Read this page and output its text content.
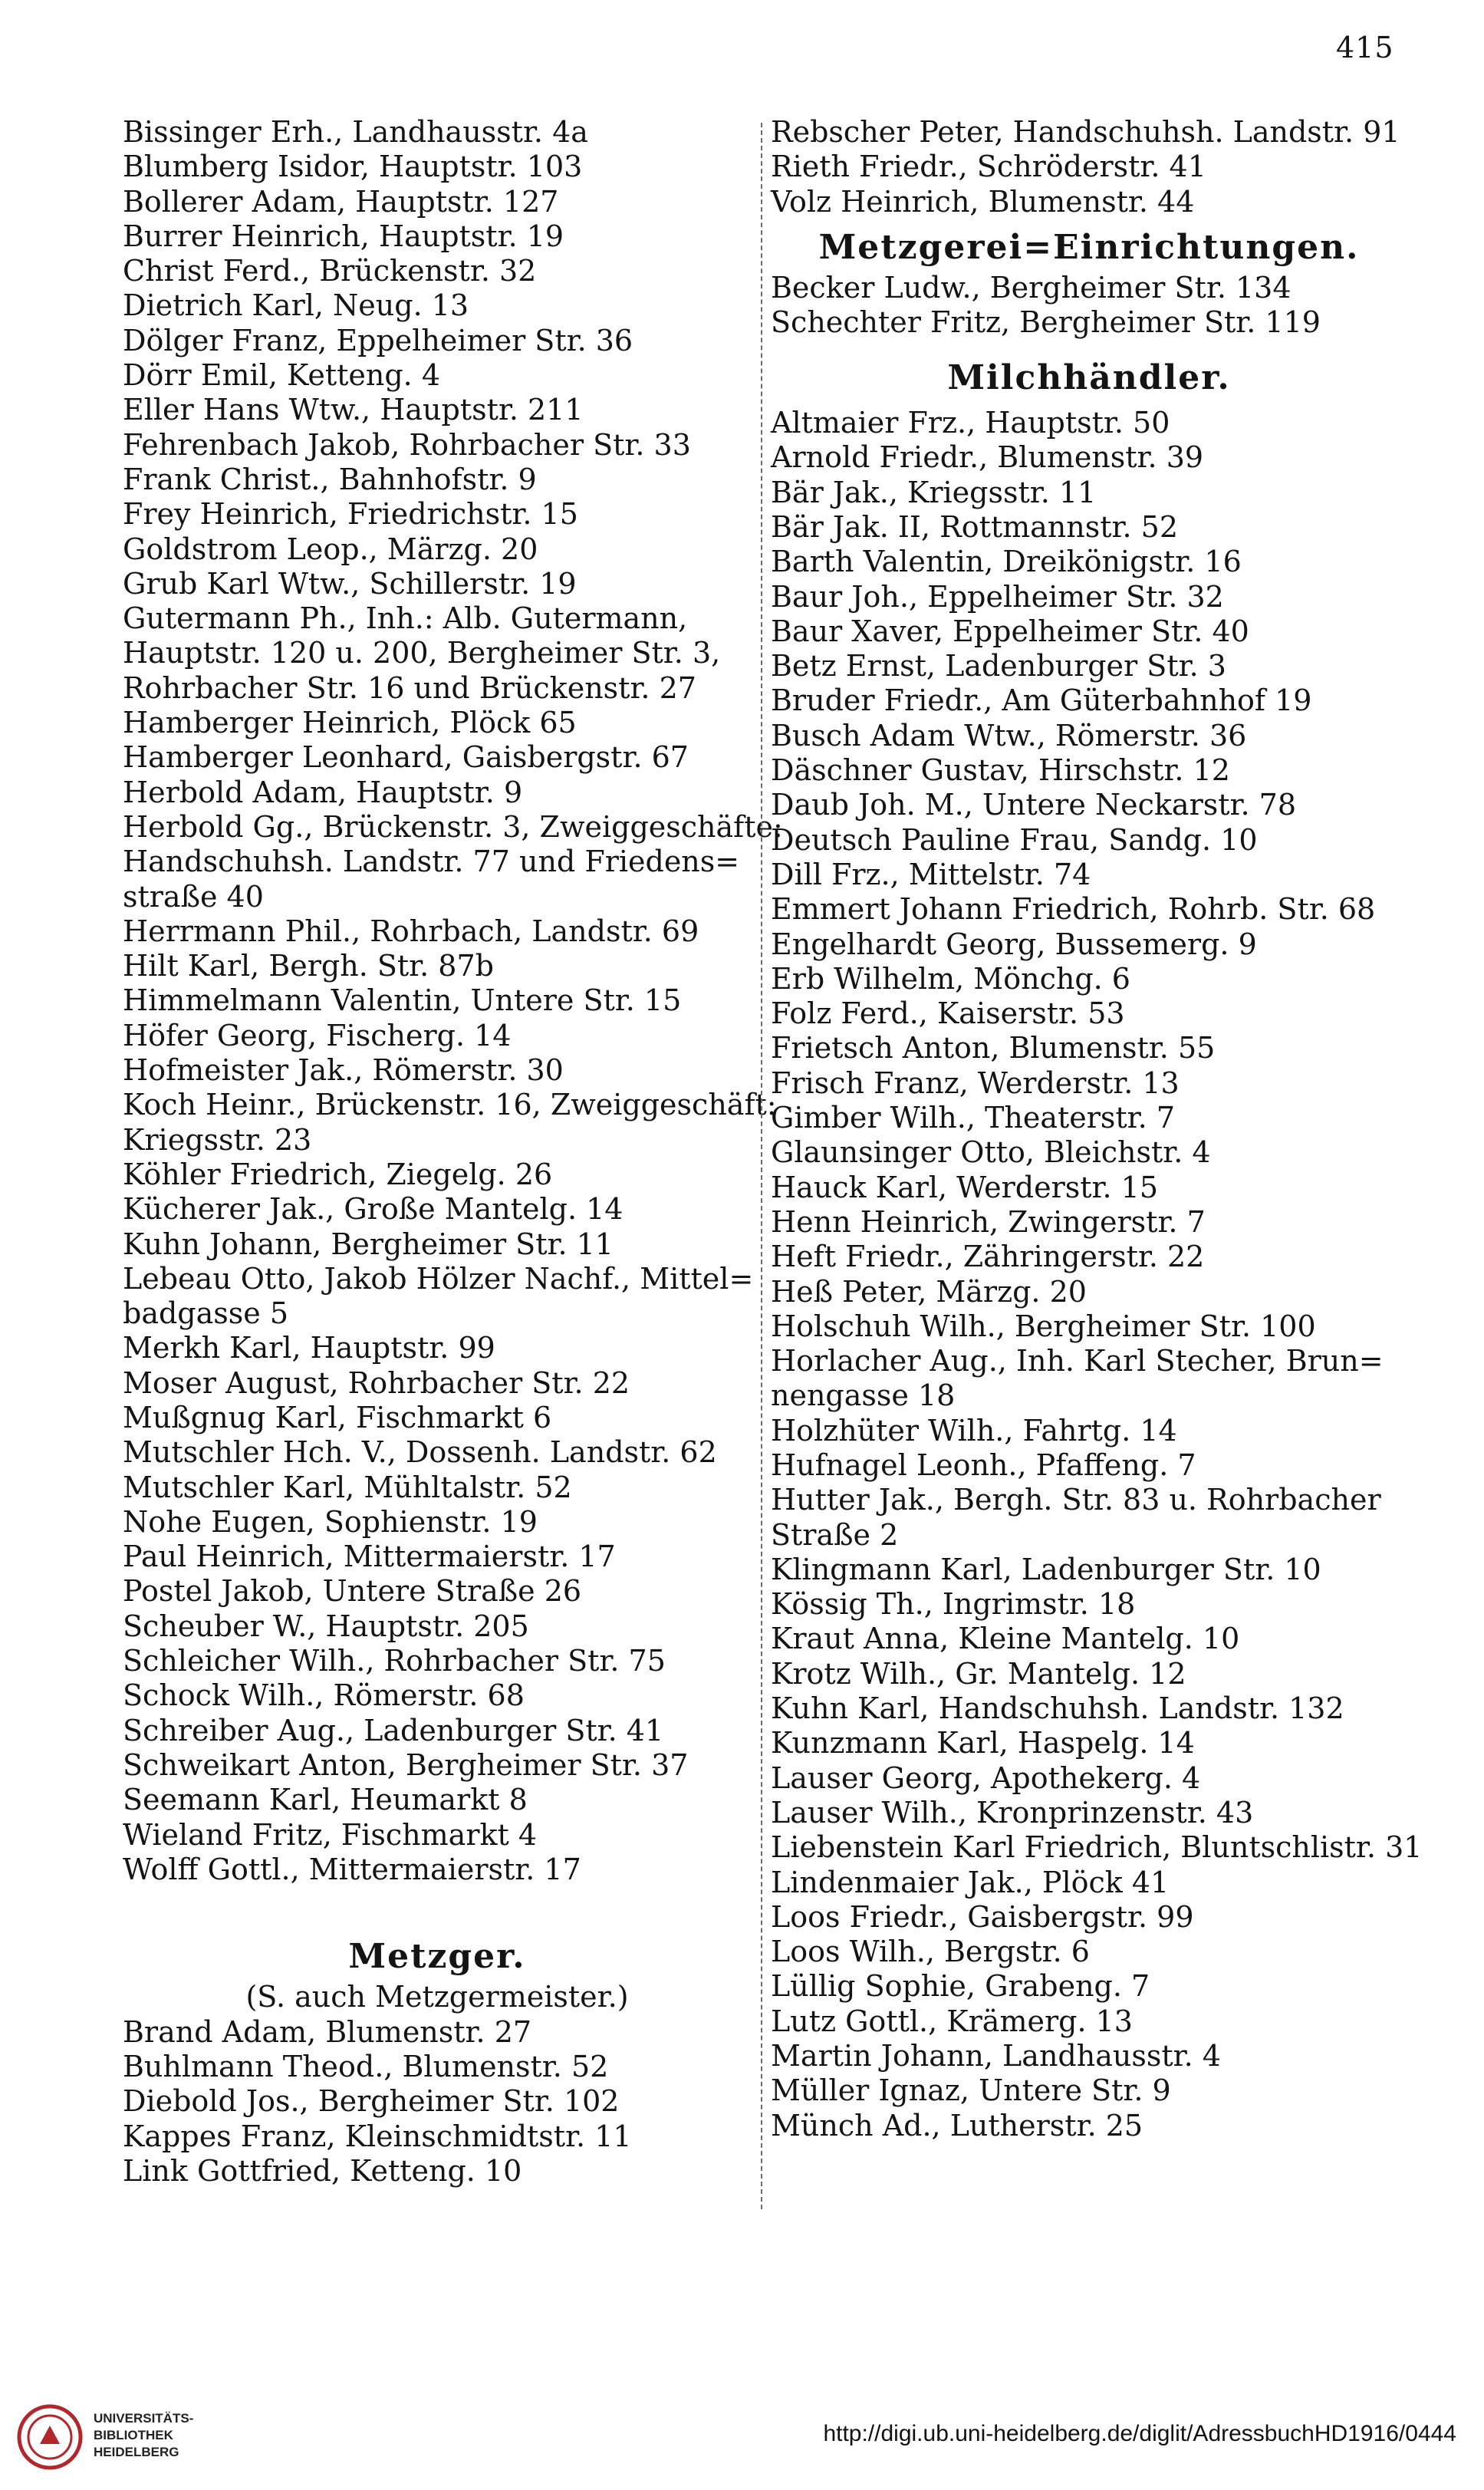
415

Bissinger Erh., Landhausstr. 4a

Blumberg Isidor, Hauptstr. 103

Bollerer Adam, Hauptstr. 127

Burrer Heinrich, Hauptstr. 19

Christ Ferd., Brückenstr. 32

Dietrich Karl, Neug. 13

Dölger Franz, Eppelheimer Str. 36

Dörr Emil, Ketteng. 4

Eller Hans Wtw., Hauptstr. 211

Fehrenbach Jakob, Rohrbacher Str. 33

Frank Christ., Bahnhofstr. 9

Frey Heinrich, Friedrichstr. 15

Goldstrom Leop., Märzg. 20

Grub Karl Wtw., Schillerstr. 19

Gutermann Ph., Inh.: Alb. Gutermann,
Hauptstr. 120 u. 200, Bergheimer Str. 3,
Rohrbacher Str. 16 und Brückenstr. 27

Hamberger Heinrich, Plöck 65

Hamberger Leonhard, Gaisbergstr. 67

Herbold Adam, Hauptstr. 9

Herbold Gg., Brückenstr. 3, Zweiggeschäfte:
Handschuhsh. Landstr. 77 und Friedens=
straße 40

Herrmann Phil., Rohrbach, Landstr. 69

Hilt Karl, Bergh. Str. 87b

Himmelmann Valentin, Untere Str. 15

Höfer Georg, Fischerg. 14

Hofmeister Jak., Römerstr. 30

Koch Heinr., Brückenstr. 16, Zweiggeschäft:
Kriegsstr. 23

Köhler Friedrich, Ziegelg. 26

Kücherer Jak., Große Mantelg. 14

Kuhn Johann, Bergheimer Str. 11

Lebeau Otto, Jakob Hölzer Nachf., Mittel=
badgasse 5

Merkh Karl, Hauptstr. 99

Moser August, Rohrbacher Str. 22

Mußgnug Karl, Fischmarkt 6

Mutschler Hch. V., Dossenh. Landstr. 62

Mutschler Karl, Mühltalstr. 52

Nohe Eugen, Sophienstr. 19

Paul Heinrich, Mittermaierstr. 17

Postel Jakob, Untere Straße 26

Scheuber W., Hauptstr. 205

Schleicher Wilh., Rohrbacher Str. 75

Schock Wilh., Römerstr. 68

Schreiber Aug., Ladenburger Str. 41

Schweikart Anton, Bergheimer Str. 37

Seemann Karl, Heumarkt 8

Wieland Fritz, Fischmarkt 4

Wolff Gottl., Mittermaierstr. 17

Metzger.

(S. auch Metzgermeister.)

Brand Adam, Blumenstr. 27

Buhlmann Theod., Blumenstr. 52

Diebold Jos., Bergheimer Str. 102

Kappes Franz, Kleinschmidtstr. 11

Link Gottfried, Ketteng. 10

Rebscher Peter, Handschuhsh. Landstr. 91

Rieth Friedr., Schröderstr. 41

Volz Heinrich, Blumenstr. 44

Metzgerei=Einrichtungen.

Becker Ludw., Bergheimer Str. 134

Schechter Fritz, Bergheimer Str. 119

Milchhändler.

Altmaier Frz., Hauptstr. 50

Arnold Friedr., Blumenstr. 39

Bär Jak., Kriegsstr. 11

Bär Jak. II, Rottmannstr. 52

Barth Valentin, Dreikönigstr. 16

Baur Joh., Eppelheimer Str. 32

Baur Xaver, Eppelheimer Str. 40

Betz Ernst, Ladenburger Str. 3

Bruder Friedr., Am Güterbahnhof 19

Busch Adam Wtw., Römerstr. 36

Däschner Gustav, Hirschstr. 12

Daub Joh. M., Untere Neckarstr. 78

Deutsch Pauline Frau, Sandg. 10

Dill Frz., Mittelstr. 74

Emmert Johann Friedrich, Rohrb. Str. 68

Engelhardt Georg, Bussemerg. 9

Erb Wilhelm, Mönchg. 6

Folz Ferd., Kaiserstr. 53

Frietsch Anton, Blumenstr. 55

Frisch Franz, Werderstr. 13

Gimber Wilh., Theaterstr. 7

Glaunsinger Otto, Bleichstr. 4

Hauck Karl, Werderstr. 15

Henn Heinrich, Zwingerstr. 7

Heft Friedr., Zähringerstr. 22

Heß Peter, Märzg. 20

Holschuh Wilh., Bergheimer Str. 100

Horlacher Aug., Inh. Karl Stecher, Brun=
nengasse 18

Holzhüter Wilh., Fahrtg. 14

Hufnagel Leonh., Pfaffeng. 7

Hutter Jak., Bergh. Str. 83 u. Rohrbacher
Straße 2

Klingmann Karl, Ladenburger Str. 10

Kössig Th., Ingrimstr. 18

Kraut Anna, Kleine Mantelg. 10

Krotz Wilh., Gr. Mantelg. 12

Kuhn Karl, Handschuhsh. Landstr. 132

Kunzmann Karl, Haspelg. 14

Lauser Georg, Apothekerg. 4

Lauser Wilh., Kronprinzenstr. 43

Liebenstein Karl Friedrich, Bluntschlistr. 31

Lindenmaier Jak., Plöck 41

Loos Friedr., Gaisbergstr. 99

Loos Wilh., Bergstr. 6

Lüllig Sophie, Grabeng. 7

Lutz Gottl., Krämerg. 13

Martin Johann, Landhausstr. 4

Müller Ignaz, Untere Str. 9

Münch Ad., Lutherstr. 25

UNIVERSITÄTS-
BIBLIOTHEK
HEIDELBERG
http://digi.ub.uni-heidelberg.de/diglit/AdressbuchHD1916/0444
